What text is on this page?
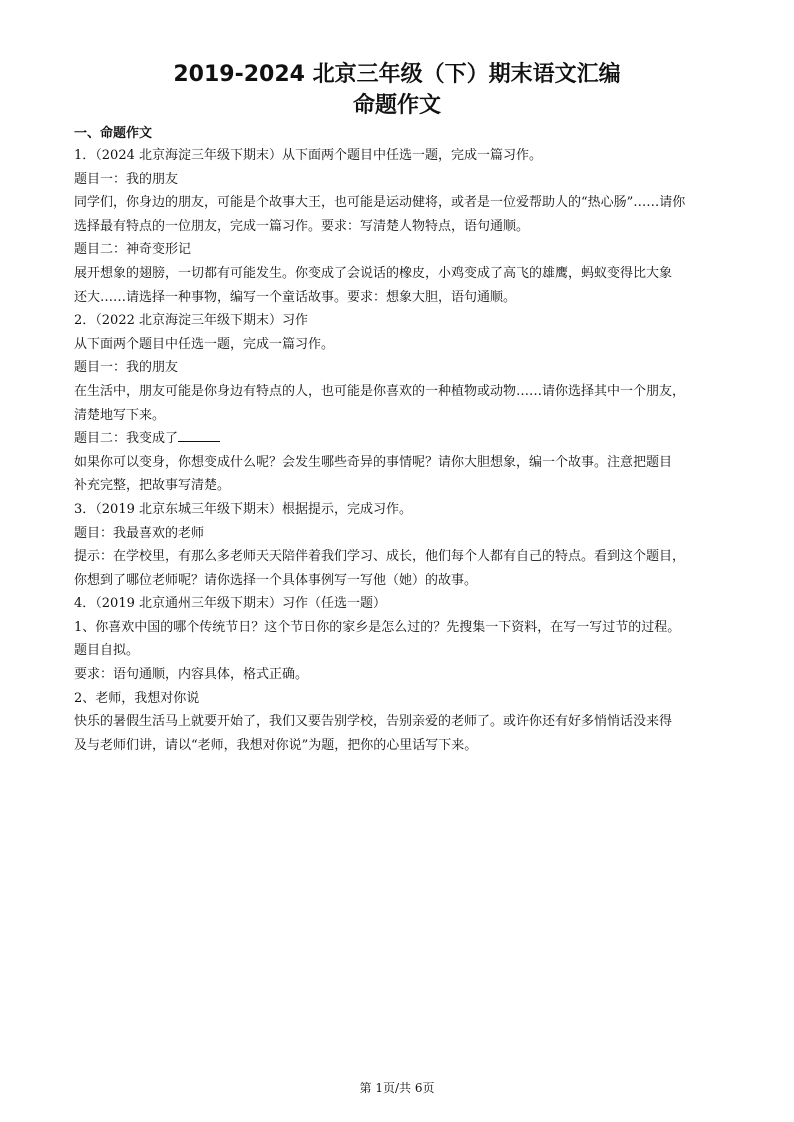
2019-2024 北京三年级（下）期末语文汇编
命题作文
一、命题作文
1．（2024 北京海淀三年级下期末）从下面两个题目中任选一题，完成一篇习作。
题目一：我的朋友
同学们，你身边的朋友，可能是个故事大王，也可能是运动健将，或者是一位爱帮助人的“热心肠”……请你
选择最有特点的一位朋友，完成一篇习作。要求：写清楚人物特点，语句通顺。
题目二：神奇变形记
展开想象的翅膀，一切都有可能发生。你变成了会说话的橡皮，小鸡变成了高飞的雄鹰，蚂蚁变得比大象
还大……请选择一种事物，编写一个童话故事。要求：想象大胆，语句通顺。
2．（2022 北京海淀三年级下期末）习作
从下面两个题目中任选一题，完成一篇习作。
题目一：我的朋友
在生活中，朋友可能是你身边有特点的人，也可能是你喜欢的一种植物或动物……请你选择其中一个朋友，
清楚地写下来。
题目二：我变成了
如果你可以变身，你想变成什么呢？会发生哪些奇异的事情呢？请你大胆想象，编一个故事。注意把题目
补充完整，把故事写清楚。
3．（2019 北京东城三年级下期末）根据提示，完成习作。
题目：我最喜欢的老师
提示：在学校里，有那么多老师天天陪伴着我们学习、成长，他们每个人都有自己的特点。看到这个题目，
你想到了哪位老师呢？请你选择一个具体事例写一写他（她）的故事。
4．（2019 北京通州三年级下期末）习作（任选一题）
1、你喜欢中国的哪个传统节日？这个节日你的家乡是怎么过的？先搜集一下资料，在写一写过节的过程。
题目自拟。
要求：语句通顺，内容具体，格式正确。
2、老师，我想对你说
快乐的暑假生活马上就要开始了，我们又要告别学校，告别亲爱的老师了。或许你还有好多悄悄话没来得
及与老师们讲，请以“老师，我想对你说”为题，把你的心里话写下来。
第 1页/共 6页
